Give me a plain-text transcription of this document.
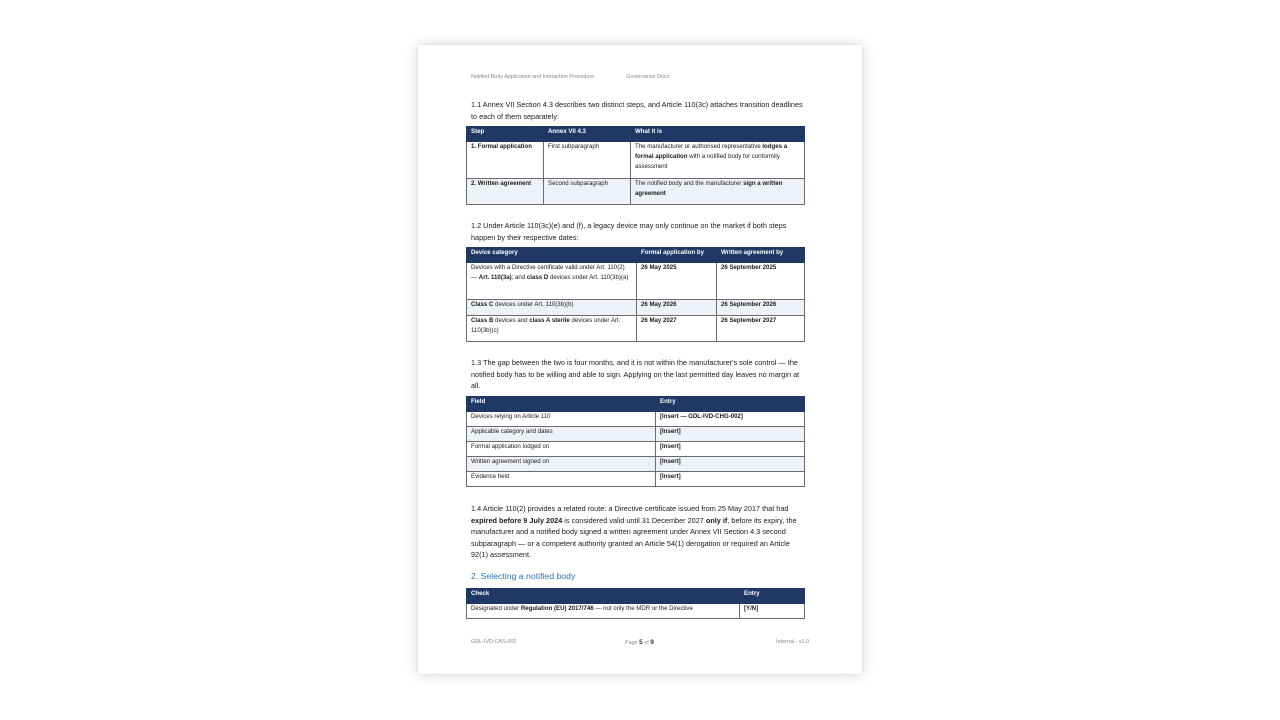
Notified Body Application and Interaction Procedure	Governance Docs
1.1 Annex VII Section 4.3 describes two distinct steps, and Article 110(3c) attaches transition deadlines to each of them separately:
Step	Annex VII 4.3	What it is
1. Formal application	First subparagraph	The manufacturer or authorised representative lodges a formal application with a notified body for conformity assessment
2. Written agreement	Second subparagraph	The notified body and the manufacturer sign a written agreement
1.2 Under Article 110(3c)(e) and (f), a legacy device may only continue on the market if both steps happen by their respective dates:
Device category	Formal application by	Written agreement by
Devices with a Directive certificate valid under Art. 110(2) — Art. 110(3a); and class D devices under Art. 110(3b)(a)	26 May 2025	26 September 2025
Class C devices under Art. 110(3b)(b)	26 May 2026	26 September 2026
Class B devices and class A sterile devices under Art. 110(3b)(c)	26 May 2027	26 September 2027
1.3 The gap between the two is four months, and it is not within the manufacturer's sole control — the notified body has to be willing and able to sign. Applying on the last permitted day leaves no margin at all.
Field	Entry
Devices relying on Article 110	[Insert — GDL-IVD-CHG-002]
Applicable category and dates	[Insert]
Formal application lodged on	[Insert]
Written agreement signed on	[Insert]
Evidence held	[Insert]
1.4 Article 110(2) provides a related route: a Directive certificate issued from 25 May 2017 that had expired before 9 July 2024 is considered valid until 31 December 2027 only if, before its expiry, the manufacturer and a notified body signed a written agreement under Annex VII Section 4.3 second subparagraph — or a competent authority granted an Article 54(1) derogation or required an Article 92(1) assessment.
2. Selecting a notified body
Check	Entry
Designated under Regulation (EU) 2017/746 — not only the MDR or the Directive	[Y/N]
GDL-IVD-CAS-002	Page 5 of 9	Internal - v1.0
